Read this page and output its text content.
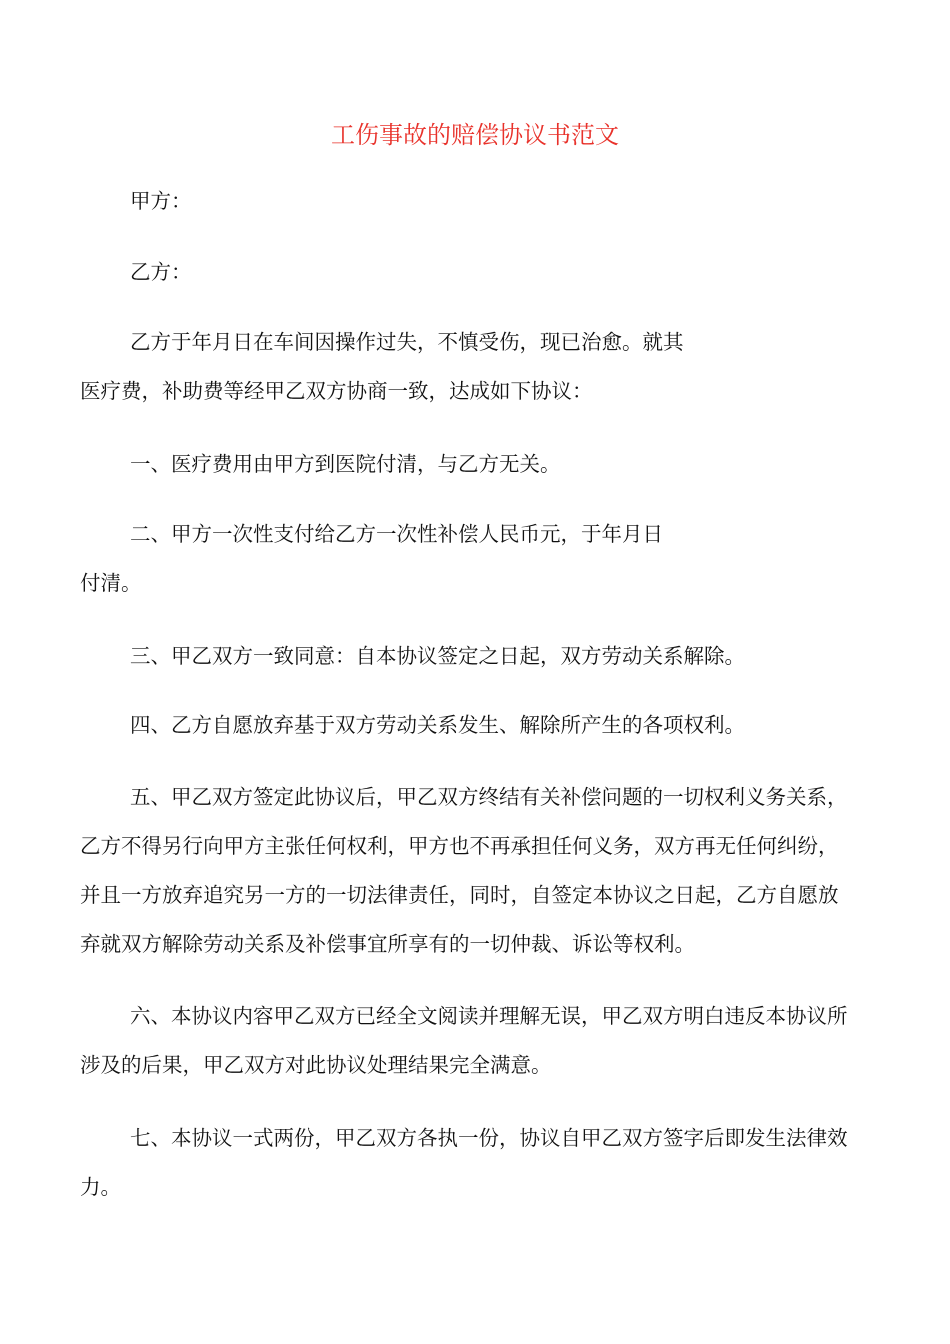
工伤事故的赔偿协议书范文

甲方：

乙方：

乙方于年月日在车间因操作过失，不慎受伤，现已治愈。就其
医疗费，补助费等经甲乙双方协商一致，达成如下协议：

一、医疗费用由甲方到医院付清，与乙方无关。

二、甲方一次性支付给乙方一次性补偿人民币元，于年月日
付清。

三、甲乙双方一致同意：自本协议签定之日起，双方劳动关系解除。

四、乙方自愿放弃基于双方劳动关系发生、解除所产生的各项权利。

五、甲乙双方签定此协议后，甲乙双方终结有关补偿问题的一切权利义务关系，
乙方不得另行向甲方主张任何权利，甲方也不再承担任何义务，双方再无任何纠纷，
并且一方放弃追究另一方的一切法律责任，同时，自签定本协议之日起，乙方自愿放
弃就双方解除劳动关系及补偿事宜所享有的一切仲裁、诉讼等权利。

六、本协议内容甲乙双方已经全文阅读并理解无误，甲乙双方明白违反本协议所
涉及的后果，甲乙双方对此协议处理结果完全满意。

七、本协议一式两份，甲乙双方各执一份，协议自甲乙双方签字后即发生法律效
力。
